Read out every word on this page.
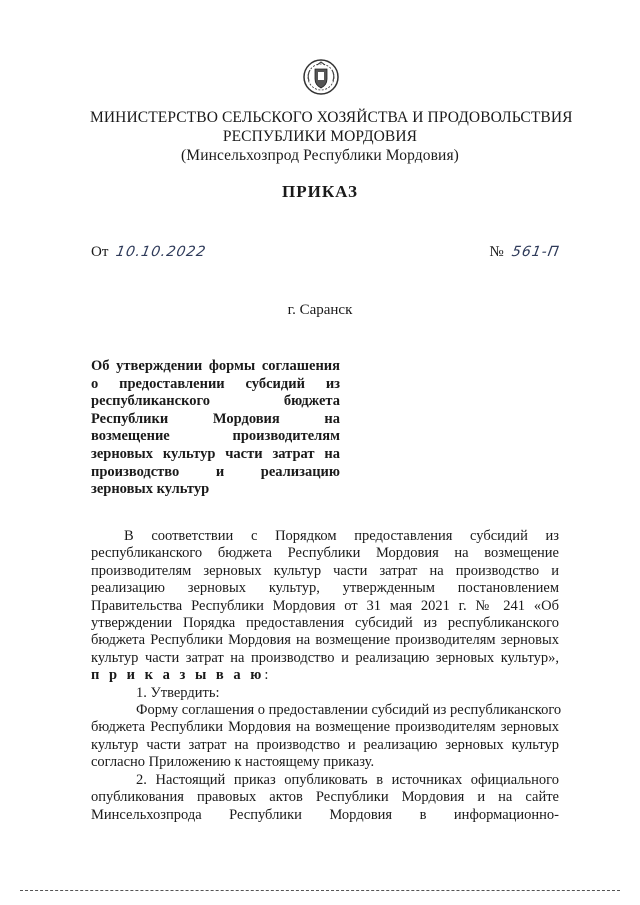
МИНИСТЕРСТВО СЕЛЬСКОГО ХОЗЯЙСТВА И ПРОДОВОЛЬСТВИЯ
РЕСПУБЛИКИ МОРДОВИЯ
(Минсельхозпрод Республики Мордовия)
ПРИКАЗ
От 10.10.2022	№ 561-П
г. Саранск
Об утверждении формы соглашения
о предоставлении субсидий из
республиканского бюджета
Республики Мордовия на
возмещение производителям
зерновых культур части затрат на
производство и реализацию
зерновых культур
В соответствии с Порядком предоставления субсидий из
республиканского бюджета Республики Мордовия на возмещение
производителям зерновых культур части затрат на производство и
реализацию зерновых культур, утвержденным постановлением
Правительства Республики Мордовия от 31 мая 2021 г. № 241 «Об
утверждении Порядка предоставления субсидий из республиканского
бюджета Республики Мордовия на возмещение производителям зерновых
культур части затрат на производство и реализацию зерновых культур»,
п р и к а з ы в а ю:
1. Утвердить:
Форму соглашения о предоставлении субсидий из республиканского
бюджета Республики Мордовия на возмещение производителям зерновых
культур части затрат на производство и реализацию зерновых культур
согласно Приложению к настоящему приказу.
2. Настоящий приказ опубликовать в источниках официального
опубликования правовых актов Республики Мордовия и на сайте
Минсельхозпрода Республики Мордовия в информационно-
